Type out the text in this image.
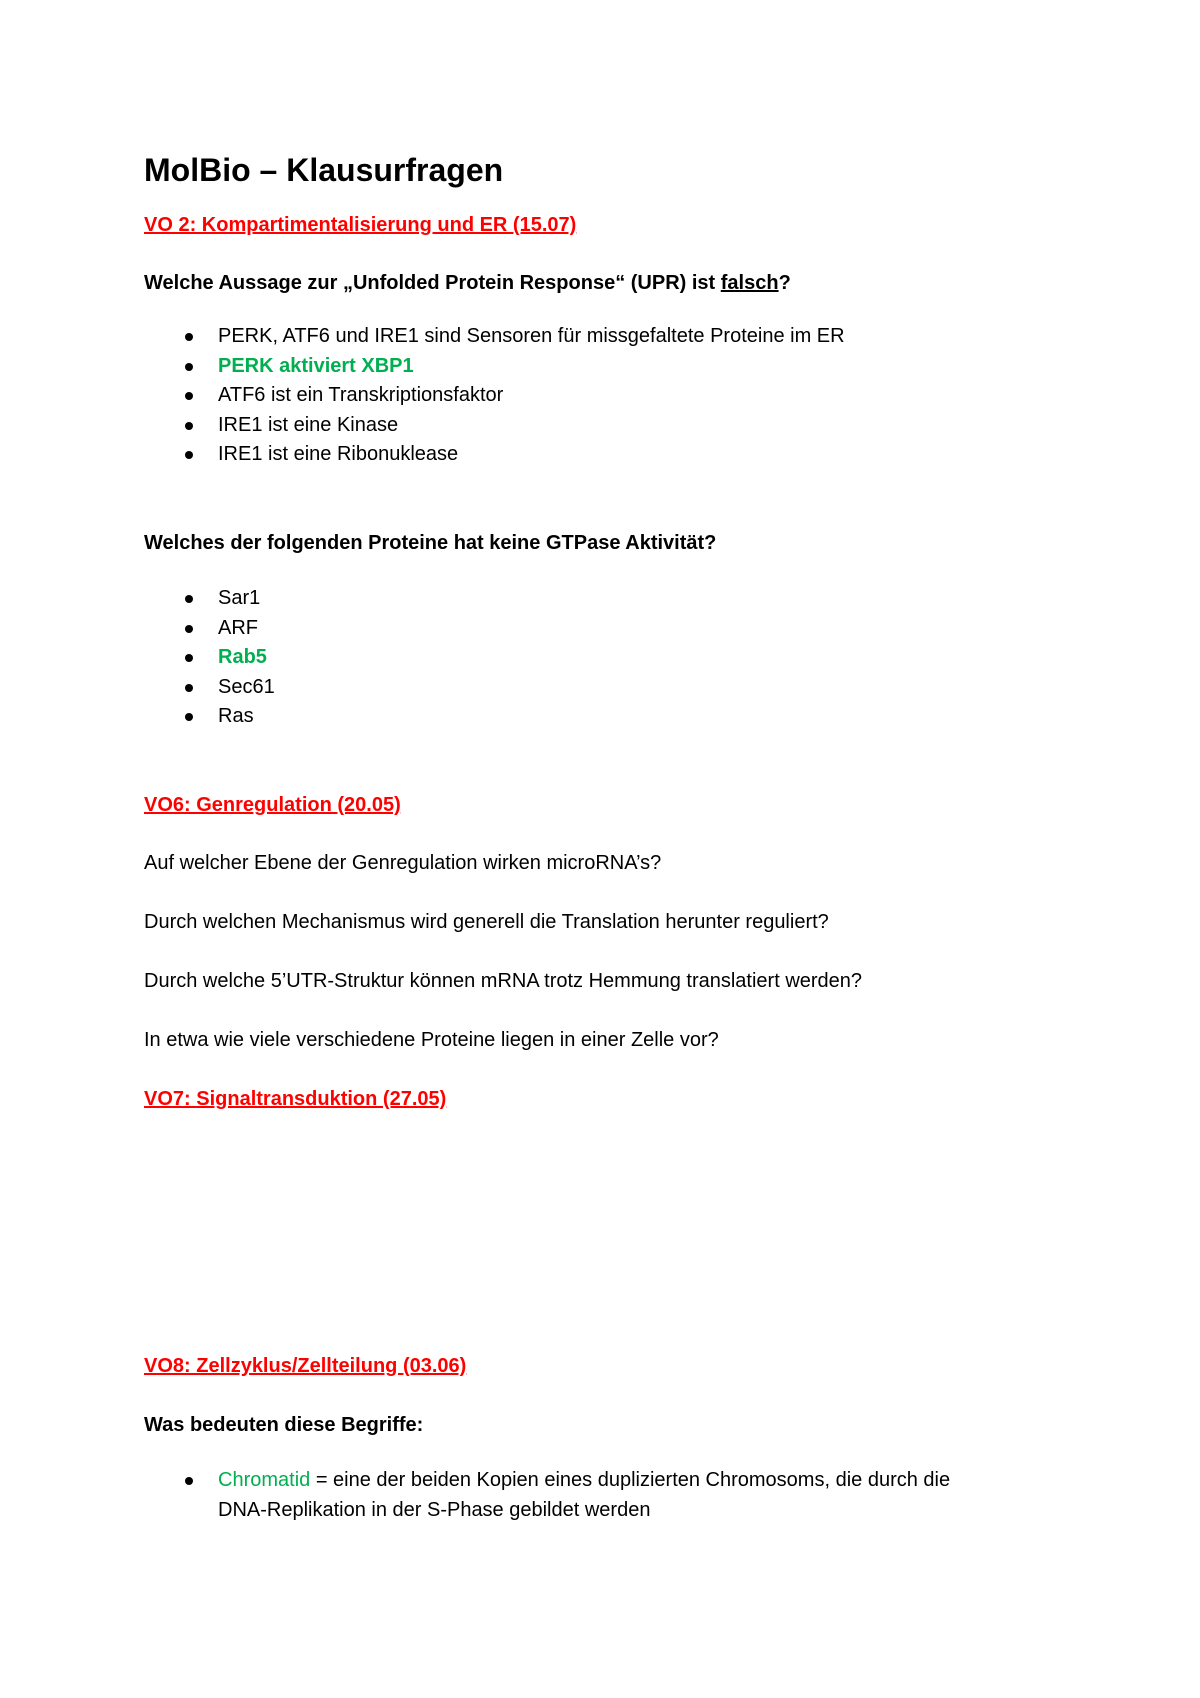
MolBio – Klausurfragen

VO 2: Kompartimentalisierung und ER (15.07)

Welche Aussage zur „Unfolded Protein Response“ (UPR) ist falsch?

PERK, ATF6 und IRE1 sind Sensoren für missgefaltete Proteine im ER
PERK aktiviert XBP1
ATF6 ist ein Transkriptionsfaktor
IRE1 ist eine Kinase
IRE1 ist eine Ribonuklease

Welches der folgenden Proteine hat keine GTPase Aktivität?

Sar1
ARF
Rab5
Sec61
Ras

VO6: Genregulation (20.05)

Auf welcher Ebene der Genregulation wirken microRNA’s?

Durch welchen Mechanismus wird generell die Translation herunter reguliert?

Durch welche 5’UTR-Struktur können mRNA trotz Hemmung translatiert werden?

In etwa wie viele verschiedene Proteine liegen in einer Zelle vor?

VO7: Signaltransduktion (27.05)

VO8: Zellzyklus/Zellteilung (03.06)

Was bedeuten diese Begriffe:

Chromatid = eine der beiden Kopien eines duplizierten Chromosoms, die durch die
DNA-Replikation in der S-Phase gebildet werden
